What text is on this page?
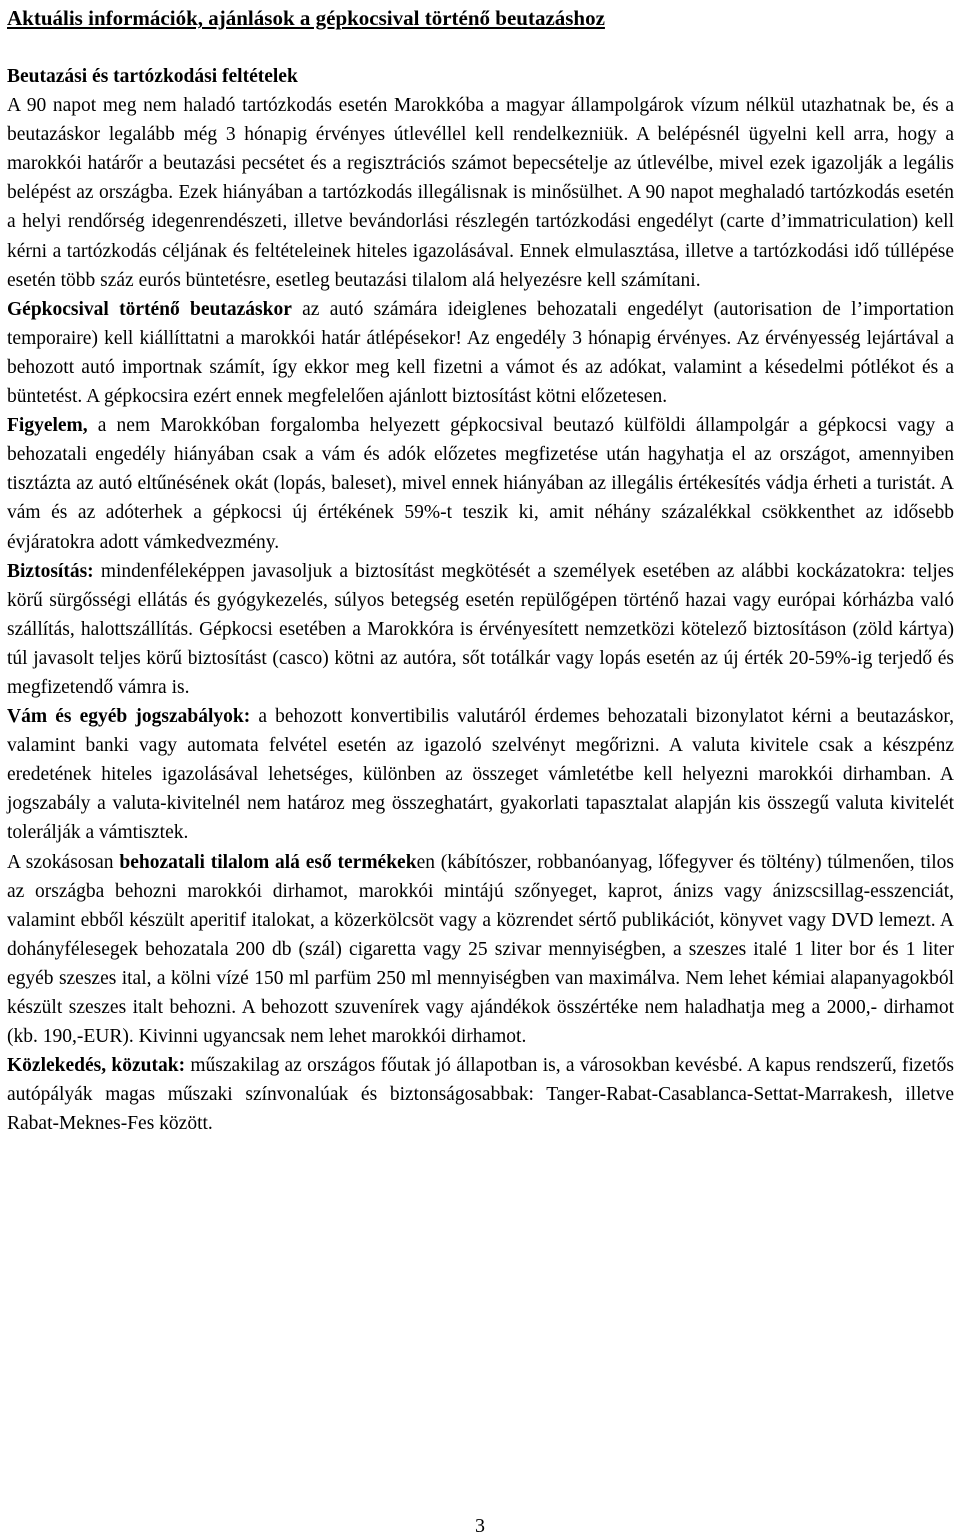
Aktuális információk, ajánlások a gépkocsival történő beutazáshoz
Beutazási és tartózkodási feltételek

A 90 napot meg nem haladó tartózkodás esetén Marokkóba a magyar állampolgárok vízum nélkül utazhatnak be, és a beutazáskor legalább még 3 hónapig érvényes útlevéllel kell rendelkezniük. A belépésnél ügyelni kell arra, hogy a marokkói határőr a beutazási pecsétet és a regisztrációs számot bepecsételje az útlevélbe, mivel ezek igazolják a legális belépést az országba. Ezek hiányában a tartózkodás illegálisnak is minősülhet. A 90 napot meghaladó tartózkodás esetén a helyi rendőrség idegenrendészeti, illetve bevándorlási részlegén tartózkodási engedélyt (carte d’immatriculation) kell kérni a tartózkodás céljának és feltételeinek hiteles igazolásával. Ennek elmulasztása, illetve a tartózkodási idő túllépése esetén több száz eurós büntetésre, esetleg beutazási tilalom alá helyezésre kell számítani.

Gépkocsival történő beutazáskor az autó számára ideiglenes behozatali engedélyt (autorisation de l’importation temporaire) kell kiállíttatni a marokkói határ átlépésekor! Az engedély 3 hónapig érvényes. Az érvényesség lejártával a behozott autó importnak számít, így ekkor meg kell fizetni a vámot és az adókat, valamint a késedelmi pótlékot és a büntetést. A gépkocsira ezért ennek megfelelően ajánlott biztosítást kötni előzetesen.

Figyelem, a nem Marokkóban forgalomba helyezett gépkocsival beutazó külföldi állampolgár a gépkocsi vagy a behozatali engedély hiányában csak a vám és adók előzetes megfizetése után hagyhatja el az országot, amennyiben tisztázta az autó eltűnésének okát (lopás, baleset), mivel ennek hiányában az illegális értékesítés vádja érheti a turistát. A vám és az adóterhek a gépkocsi új értékének 59%-t teszik ki, amit néhány százalékkal csökkenthet az idősebb évjáratokra adott vámkedvezmény.

Biztosítás: mindenféleképpen javasoljuk a biztosítást megkötését a személyek esetében az alábbi kockázatokra: teljes körű sürgősségi ellátás és gyógykezelés, súlyos betegség esetén repülőgépen történő hazai vagy európai kórházba való szállítás, halottszállítás. Gépkocsi esetében a Marokkóra is érvényesített nemzetközi kötelező biztosításon (zöld kártya) túl javasolt teljes körű biztosítást (casco) kötni az autóra, sőt totálkár vagy lopás esetén az új érték 20-59%-ig terjedő és megfizetendő vámra is.

Vám és egyéb jogszabályok: a behozott konvertibilis valutáról érdemes behozatali bizonylatot kérni a beutazáskor, valamint banki vagy automata felvétel esetén az igazoló szelvényt megőrizni. A valuta kivitele csak a készpénz eredetének hiteles igazolásával lehetséges, különben az összeget vámletétbe kell helyezni marokkói dirhamban. A jogszabály a valuta-kivitelnél nem határoz meg összeghatárt, gyakorlati tapasztalat alapján kis összegű valuta kivitelét tolerálják a vámtisztek.

A szokásosan behozatali tilalom alá eső termékeken (kábítószer, robbanóanyag, lőfegyver és töltény) túlmenően, tilos az országba behozni marokkói dirhamot, marokkói mintájú szőnyeget, kaprot, ánizs vagy ánizscsillag-esszenciát, valamint ebből készült aperitif italokat, a közerkölcsöt vagy a közrendet sértő publikációt, könyvet vagy DVD lemezt. A dohányfélesegek behozatala 200 db (szál) cigaretta vagy 25 szivar mennyiségben, a szeszes italé 1 liter bor és 1 liter egyéb szeszes ital, a kölni vízé 150 ml parfüm 250 ml mennyiségben van maximálva. Nem lehet kémiai alapanyagokból készült szeszes italt behozni. A behozott szuvenírek vagy ajándékok összértéke nem haladhatja meg a 2000,- dirhamot (kb. 190,-EUR). Kivinni ugyancsak nem lehet marokkói dirhamot.

Közlekedés, közutak: műszakilag az országos főutak jó állapotban is, a városokban kevésbé. A kapus rendszerű, fizetős autópályák magas műszaki színvonalúak és biztonságosabbak: Tanger-Rabat-Casablanca-Settat-Marrakesh, illetve Rabat-Meknes-Fes között.

3
